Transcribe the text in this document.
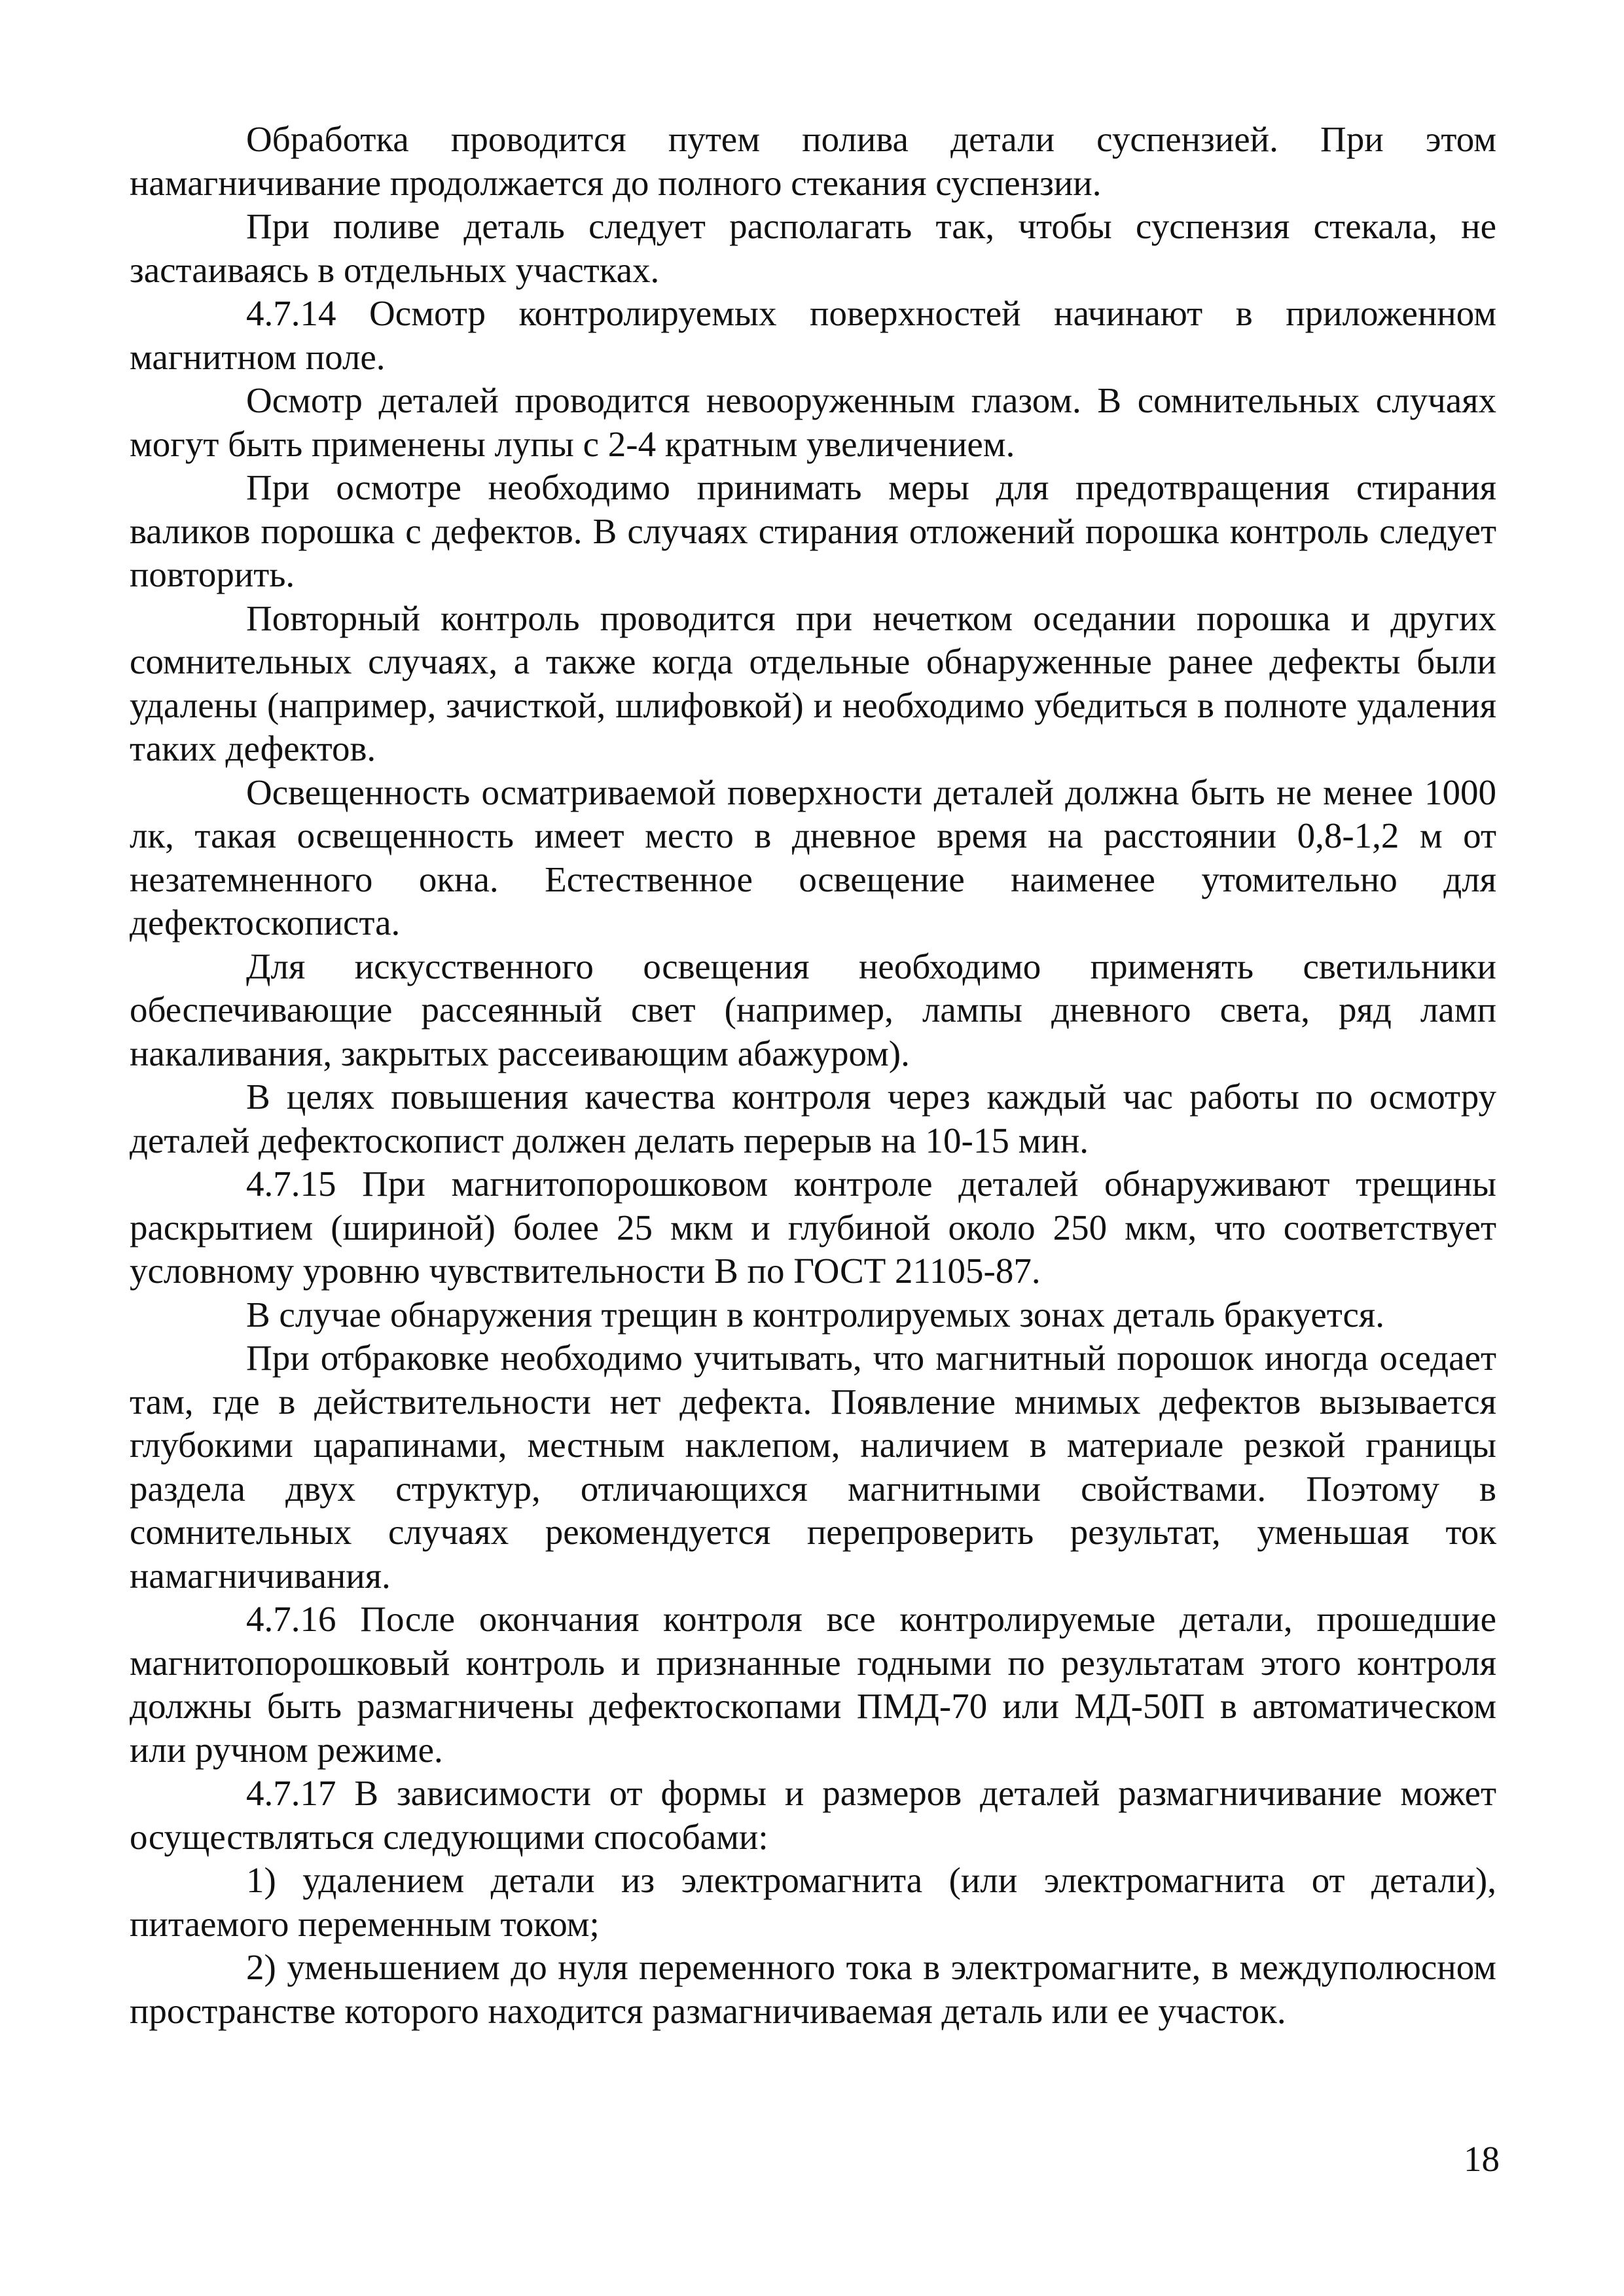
Обработка проводится путем полива детали суспензией. При этом намагничивание продолжается до полного стекания суспензии.

При поливе деталь следует располагать так, чтобы суспензия стекала, не застаиваясь в отдельных участках.

4.7.14 Осмотр контролируемых поверхностей начинают в приложенном магнитном поле.

Осмотр деталей проводится невооруженным глазом. В сомнительных случаях могут быть применены лупы с 2-4 кратным увеличением.

При осмотре необходимо принимать меры для предотвращения стирания валиков порошка с дефектов. В случаях стирания отложений порошка контроль следует повторить.

Повторный контроль проводится при нечетком оседании порошка и других сомнительных случаях, а также когда отдельные обнаруженные ранее дефекты были удалены (например, зачисткой, шлифовкой) и необходимо убедиться в полноте удаления таких дефектов.

Освещенность осматриваемой поверхности деталей должна быть не менее 1000 лк, такая освещенность имеет место в дневное время на расстоянии 0,8-1,2 м от незатемненного окна. Естественное освещение наименее утомительно для дефектоскописта.

Для искусственного освещения необходимо применять светильники обеспечивающие рассеянный свет (например, лампы дневного света, ряд ламп накаливания, закрытых рассеивающим абажуром).

В целях повышения качества контроля через каждый час работы по осмотру деталей дефектоскопист должен делать перерыв на 10-15 мин.

4.7.15 При магнитопорошковом контроле деталей обнаруживают трещины раскрытием (шириной) более 25 мкм и глубиной около 250 мкм, что соответствует условному уровню чувствительности В по ГОСТ 21105-87.

В случае обнаружения трещин в контролируемых зонах деталь бракуется.

При отбраковке необходимо учитывать, что магнитный порошок иногда оседает там, где в действительности нет дефекта. Появление мнимых дефектов вызывается глубокими царапинами, местным наклепом, наличием в материале резкой границы раздела двух структур, отличающихся магнитными свойствами. Поэтому в сомнительных случаях рекомендуется перепроверить результат, уменьшая ток намагничивания.

4.7.16 После окончания контроля все контролируемые детали, прошедшие магнитопорошковый контроль и признанные годными по результатам этого контроля должны быть размагничены дефектоскопами ПМД-70 или МД-50П в автоматическом или ручном режиме.

4.7.17 В зависимости от формы и размеров деталей размагничивание может осуществляться следующими способами:

1) удалением детали из электромагнита (или электромагнита от детали), питаемого переменным током;

2) уменьшением до нуля переменного тока в электромагните, в междуполюсном пространстве которого находится размагничиваемая деталь или ее участок.

18
